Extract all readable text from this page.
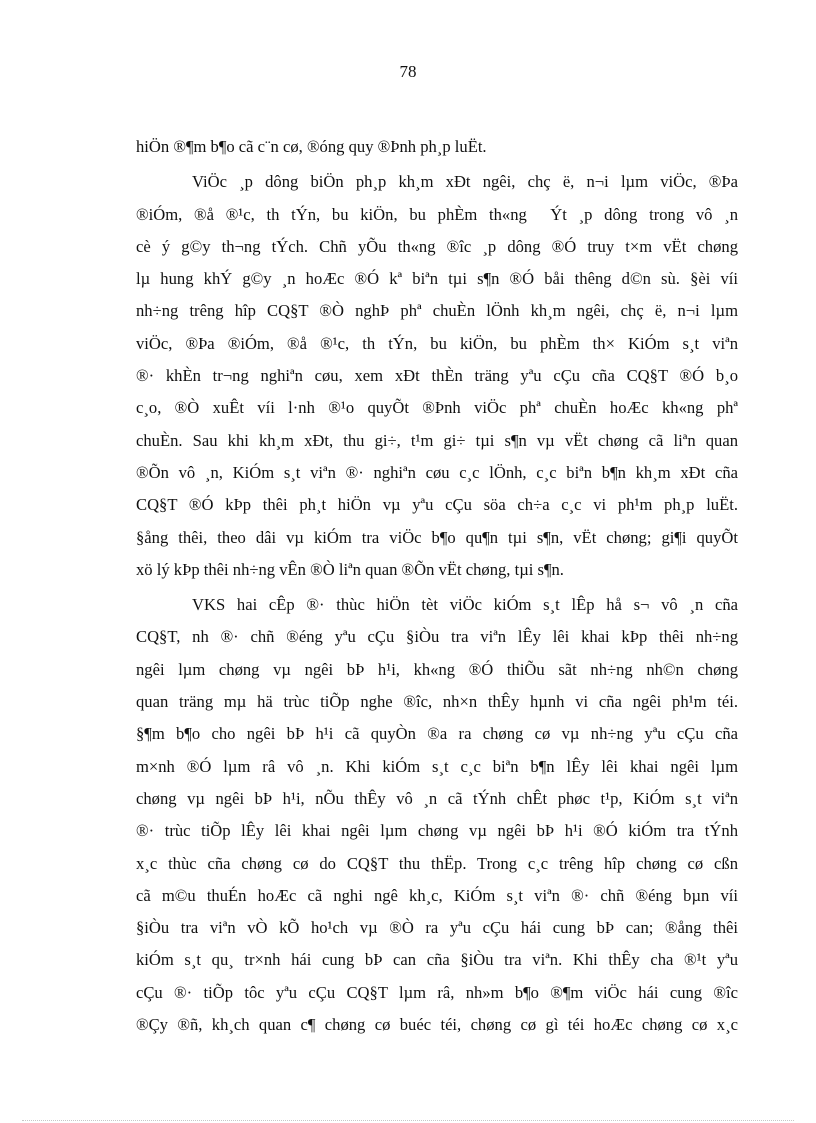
78
hiÖn ®¶m b¶o cã c¨n cø, ®óng quy ®Þnh ph¸p luËt.
ViÖc ¸p dông biÖn ph¸p kh¸m xÐt ngêi, chç ë, n¬i lµm viÖc, ®Þa
®iÓm, ®å ®¹c, th tÝn, bu kiÖn, bu phÈm th«ng Ýt ¸p dông trong vô ¸n
cè ý g©y th¬ng tÝch. Chñ yÕu th«ng ®îc ¸p dông ®Ó truy t×m vËt chøng
lµ hung khÝ g©y ¸n hoÆc ®Ó kª biªn tµi s¶n ®Ó båi thêng d©n sù. §èi víi
nh÷ng trêng hîp CQ§T ®Ò nghÞ phª chuÈn lÖnh kh¸m ngêi, chç ë, n¬i lµm
viÖc, ®Þa ®iÓm, ®å ®¹c, th tÝn, bu kiÖn, bu phÈm th× KiÓm s¸t viªn
®· khÈn tr¬ng nghiªn cøu, xem xÐt thÈn träng yªu cÇu cña CQ§T ®Ó b¸o
c¸o, ®Ò xuÊt víi l·nh ®¹o quyÕt ®Þnh viÖc phª chuÈn hoÆc kh«ng phª
chuÈn. Sau khi kh¸m xÐt, thu gi÷, t¹m gi÷ tµi s¶n vµ vËt chøng cã liªn quan
®Õn vô ¸n, KiÓm s¸t viªn ®· nghiªn cøu c¸c lÖnh, c¸c biªn b¶n kh¸m xÐt cña
CQ§T ®Ó kÞp thêi ph¸t hiÖn vµ yªu cÇu söa ch÷a c¸c vi ph¹m ph¸p luËt.
§ång thêi, theo dâi vµ kiÓm tra viÖc b¶o qu¶n tµi s¶n, vËt chøng; gi¶i quyÕt
xö lý kÞp thêi nh÷ng vÊn ®Ò liªn quan ®Õn vËt chøng, tµi s¶n.
VKS hai cÊp ®· thùc hiÖn tèt viÖc kiÓm s¸t lÊp hå s¬ vô ¸n cña
CQ§T, nh ®· chñ ®éng yªu cÇu §iÒu tra viªn lÊy lêi khai kÞp thêi nh÷ng
ngêi lµm chøng vµ ngêi bÞ h¹i, kh«ng ®Ó thiÕu sãt nh÷ng nh©n chøng
quan träng mµ hä trùc tiÕp nghe ®îc, nh×n thÊy hµnh vi cña ngêi ph¹m téi.
§¶m b¶o cho ngêi bÞ h¹i cã quyÒn ®a ra chøng cø vµ nh÷ng yªu cÇu cña
m×nh ®Ó lµm râ vô ¸n. Khi kiÓm s¸t c¸c biªn b¶n lÊy lêi khai ngêi lµm
chøng vµ ngêi bÞ h¹i, nÕu thÊy vô ¸n cã tÝnh chÊt phøc t¹p, KiÓm s¸t viªn
®· trùc tiÕp lÊy lêi khai ngêi lµm chøng vµ ngêi bÞ h¹i ®Ó kiÓm tra tÝnh
x¸c thùc cña chøng cø do CQ§T thu thËp. Trong c¸c trêng hîp chøng cø cßn
cã m©u thuÉn hoÆc cã nghi ngê kh¸c, KiÓm s¸t viªn ®· chñ ®éng bµn víi
§iÒu tra viªn vÒ kÕ ho¹ch vµ ®Ò ra yªu cÇu hái cung bÞ can; ®ång thêi
kiÓm s¸t qu¸ tr×nh hái cung bÞ can cña §iÒu tra viªn. Khi thÊy cha ®¹t yªu
cÇu ®· tiÕp tôc yªu cÇu CQ§T lµm râ, nh»m b¶o ®¶m viÖc hái cung ®îc
®Çy ®ñ, kh¸ch quan c¶ chøng cø buéc téi, chøng cø gì téi hoÆc chøng cø x¸c
